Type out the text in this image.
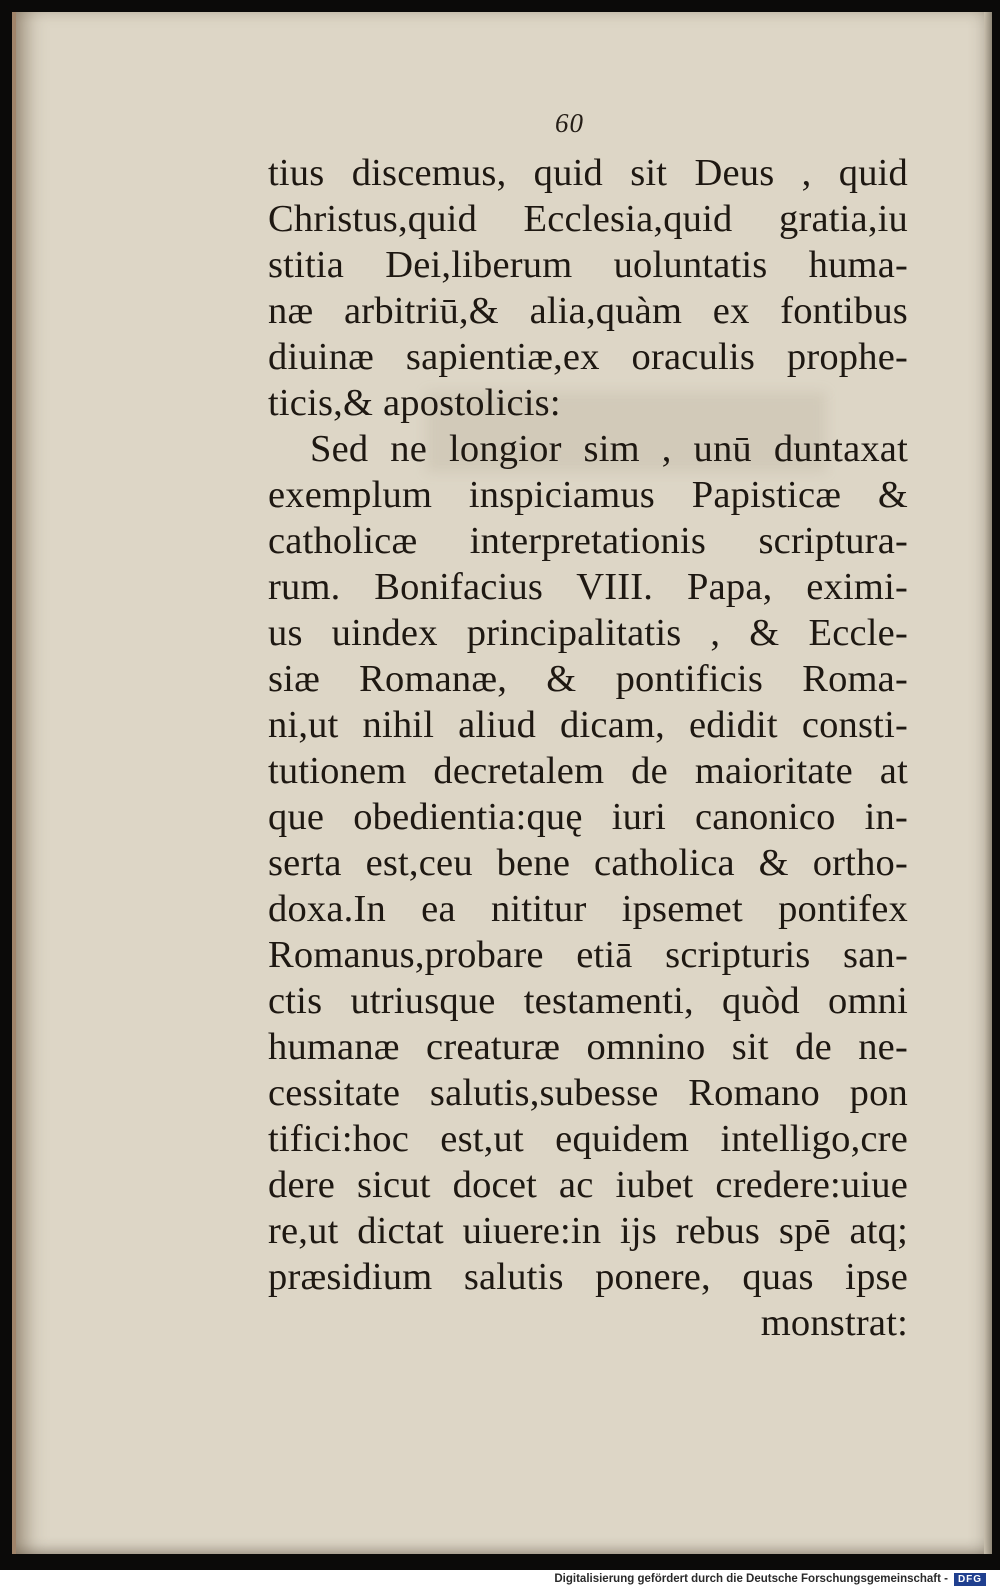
60
tius discemus, quid sit Deus , quid
Christus,quid Ecclesia,quid gratia,iu
stitia Dei,liberum uoluntatis huma-
næ arbitriū,& alia,quàm ex fontibus
diuinæ sapientiæ,ex oraculis prophe-
ticis,& apostolicis:
Sed ne longior sim , unū duntaxat
exemplum inspiciamus Papisticæ &
catholicæ interpretationis scriptura-
rum. Bonifacius VIII. Papa, eximi-
us uindex principalitatis , & Eccle-
siæ Romanæ, & pontificis Roma-
ni,ut nihil aliud dicam, edidit consti-
tutionem decretalem de maioritate at
que obedientia:quę iuri canonico in-
serta est,ceu bene catholica & ortho-
doxa.In ea nititur ipsemet pontifex
Romanus,probare etiā scripturis san-
ctis utriusque testamenti, quòd omni
humanæ creaturæ omnino sit de ne-
cessitate salutis,subesse Romano pon
tifici:hoc est,ut equidem intelligo,cre
dere sicut docet ac iubet credere:uiue
re,ut dictat uiuere:in ijs rebus spē atq;
præsidium salutis ponere, quas ipse
monstrat:
Digitalisierung gefördert durch die Deutsche Forschungsgemeinschaft - DFG
